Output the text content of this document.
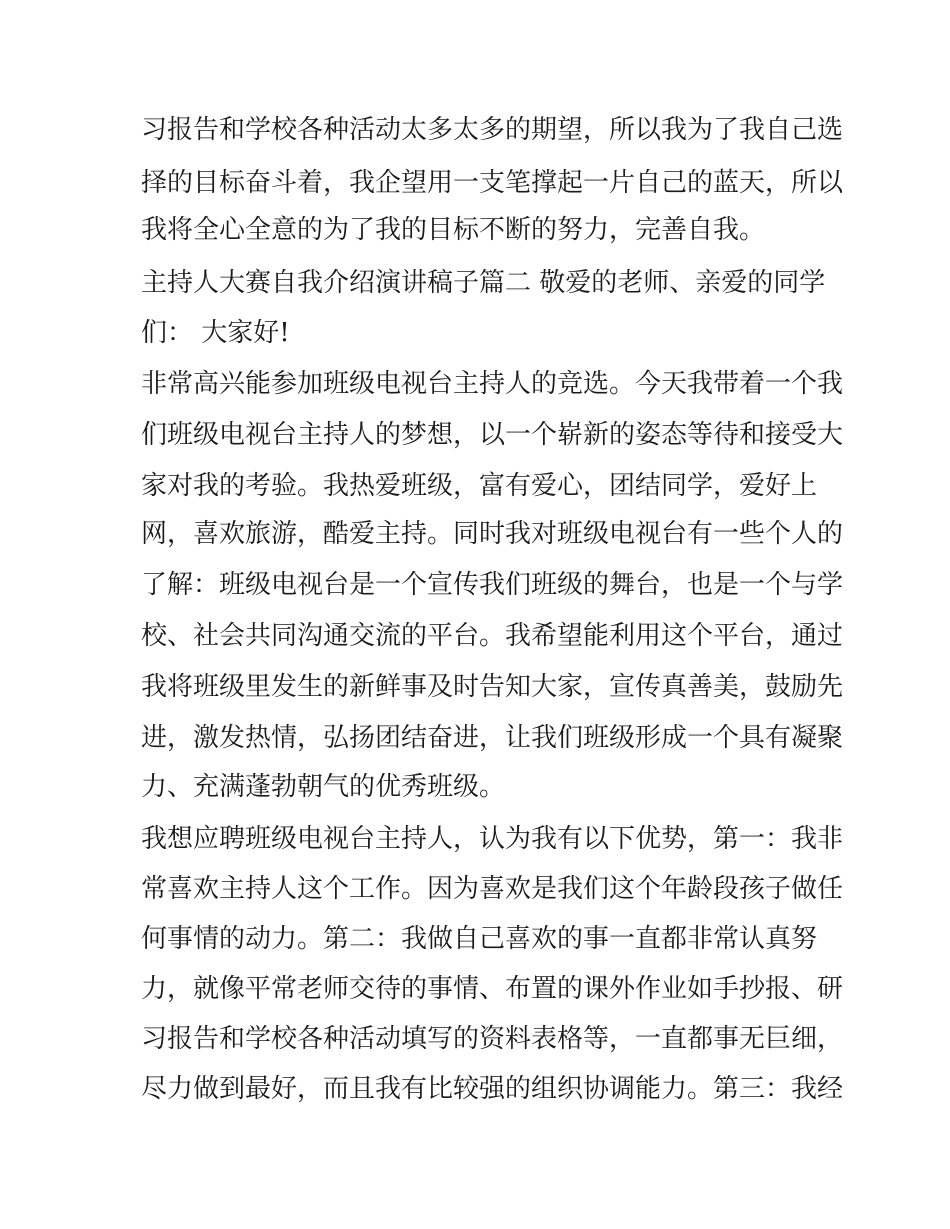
习报告和学校各种活动太多太多的期望，所以我为了我自己选
择的目标奋斗着，我企望用一支笔撑起一片自己的蓝天，所以
我将全心全意的为了我的目标不断的努力，完善自我。
主持人大赛自我介绍演讲稿子篇二 敬爱的老师、亲爱的同学
们： 大家好!
非常高兴能参加班级电视台主持人的竞选。今天我带着一个我
们班级电视台主持人的梦想，以一个崭新的姿态等待和接受大
家对我的考验。我热爱班级，富有爱心，团结同学，爱好上
网，喜欢旅游，酷爱主持。同时我对班级电视台有一些个人的
了解：班级电视台是一个宣传我们班级的舞台，也是一个与学
校、社会共同沟通交流的平台。我希望能利用这个平台，通过
我将班级里发生的新鲜事及时告知大家，宣传真善美，鼓励先
进，激发热情，弘扬团结奋进，让我们班级形成一个具有凝聚
力、充满蓬勃朝气的优秀班级。
我想应聘班级电视台主持人，认为我有以下优势，第一：我非
常喜欢主持人这个工作。因为喜欢是我们这个年龄段孩子做任
何事情的动力。第二：我做自己喜欢的事一直都非常认真努
力，就像平常老师交待的事情、布置的课外作业如手抄报、研
习报告和学校各种活动填写的资料表格等，一直都事无巨细，
尽力做到最好，而且我有比较强的组织协调能力。第三：我经
